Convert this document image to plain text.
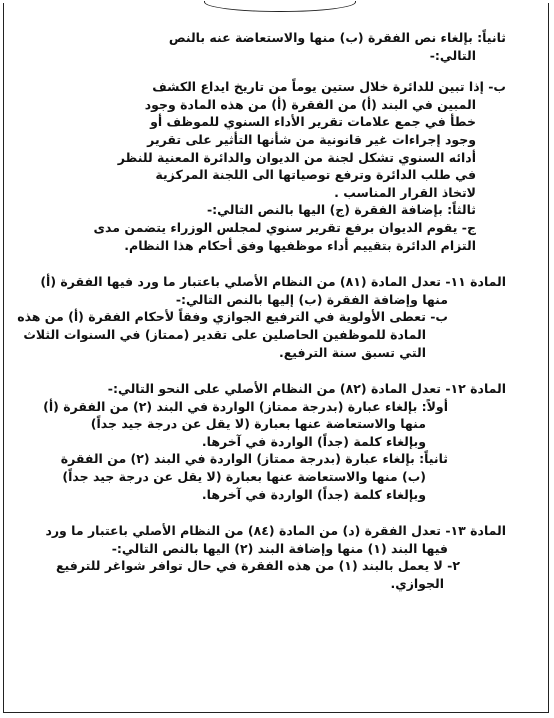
ثانياً: بإلغاء نص الفقرة (ب) منها والاستعاضة عنه بالنص

التالي:-

ب- إذا تبين للدائرة خلال ستين يوماً من تاريخ ايداع الكشف

المبين في البند (أ) من الفقرة (أ) من هذه المادة وجود

خطأ في جمع علامات تقرير الأداء السنوي للموظف أو

وجود إجراءات غير قانونية من شأنها التأثير على تقرير

أدائه السنوي تشكل لجنة من الديوان والدائرة المعنية للنظر

في طلب الدائرة وترفع توصياتها الى اللجنة المركزية

لاتخاذ القرار المناسب .

ثالثاً: بإضافة الفقرة (ج) اليها بالنص التالي:-

ج- يقوم الديوان برفع تقرير سنوي لمجلس الوزراء يتضمن مدى

التزام الدائرة بتقييم أداء موظفيها وفق أحكام هذا النظام.

المادة ١١- تعدل المادة (٨١) من النظام الأصلي باعتبار ما ورد فيها الفقرة (أ)

منها وإضافة الفقرة (ب) إليها بالنص التالي:-

ب- تعطى الأولوية في الترفيع الجوازي وفقاً لأحكام الفقرة (أ) من هذه

المادة للموظفين الحاصلين على تقدير (ممتاز) في السنوات الثلاث

التي تسبق سنة الترفيع.

المادة ١٢- تعدل المادة (٨٢) من النظام الأصلي على النحو التالي:-

أولاً: بإلغاء عبارة (بدرجة ممتاز) الواردة في البند (٢) من الفقرة (أ)

منها والاستعاضة عنها بعبارة (لا يقل عن درجة جيد جداً)

وبإلغاء كلمة (جداً) الواردة في آخرها.

ثانياً: بإلغاء عبارة (بدرجة ممتاز) الواردة في البند (٢) من الفقرة

(ب) منها والاستعاضة عنها بعبارة (لا يقل عن درجة جيد جداً)

وبإلغاء كلمة (جداً) الواردة في آخرها.

المادة ١٣- تعدل الفقرة (د) من المادة (٨٤) من النظام الأصلي باعتبار ما ورد

فيها البند (١) منها وإضافة البند (٢) اليها بالنص التالي:-

٢- لا يعمل بالبند (١) من هذه الفقرة في حال توافر شواغر للترفيع

الجوازي.
